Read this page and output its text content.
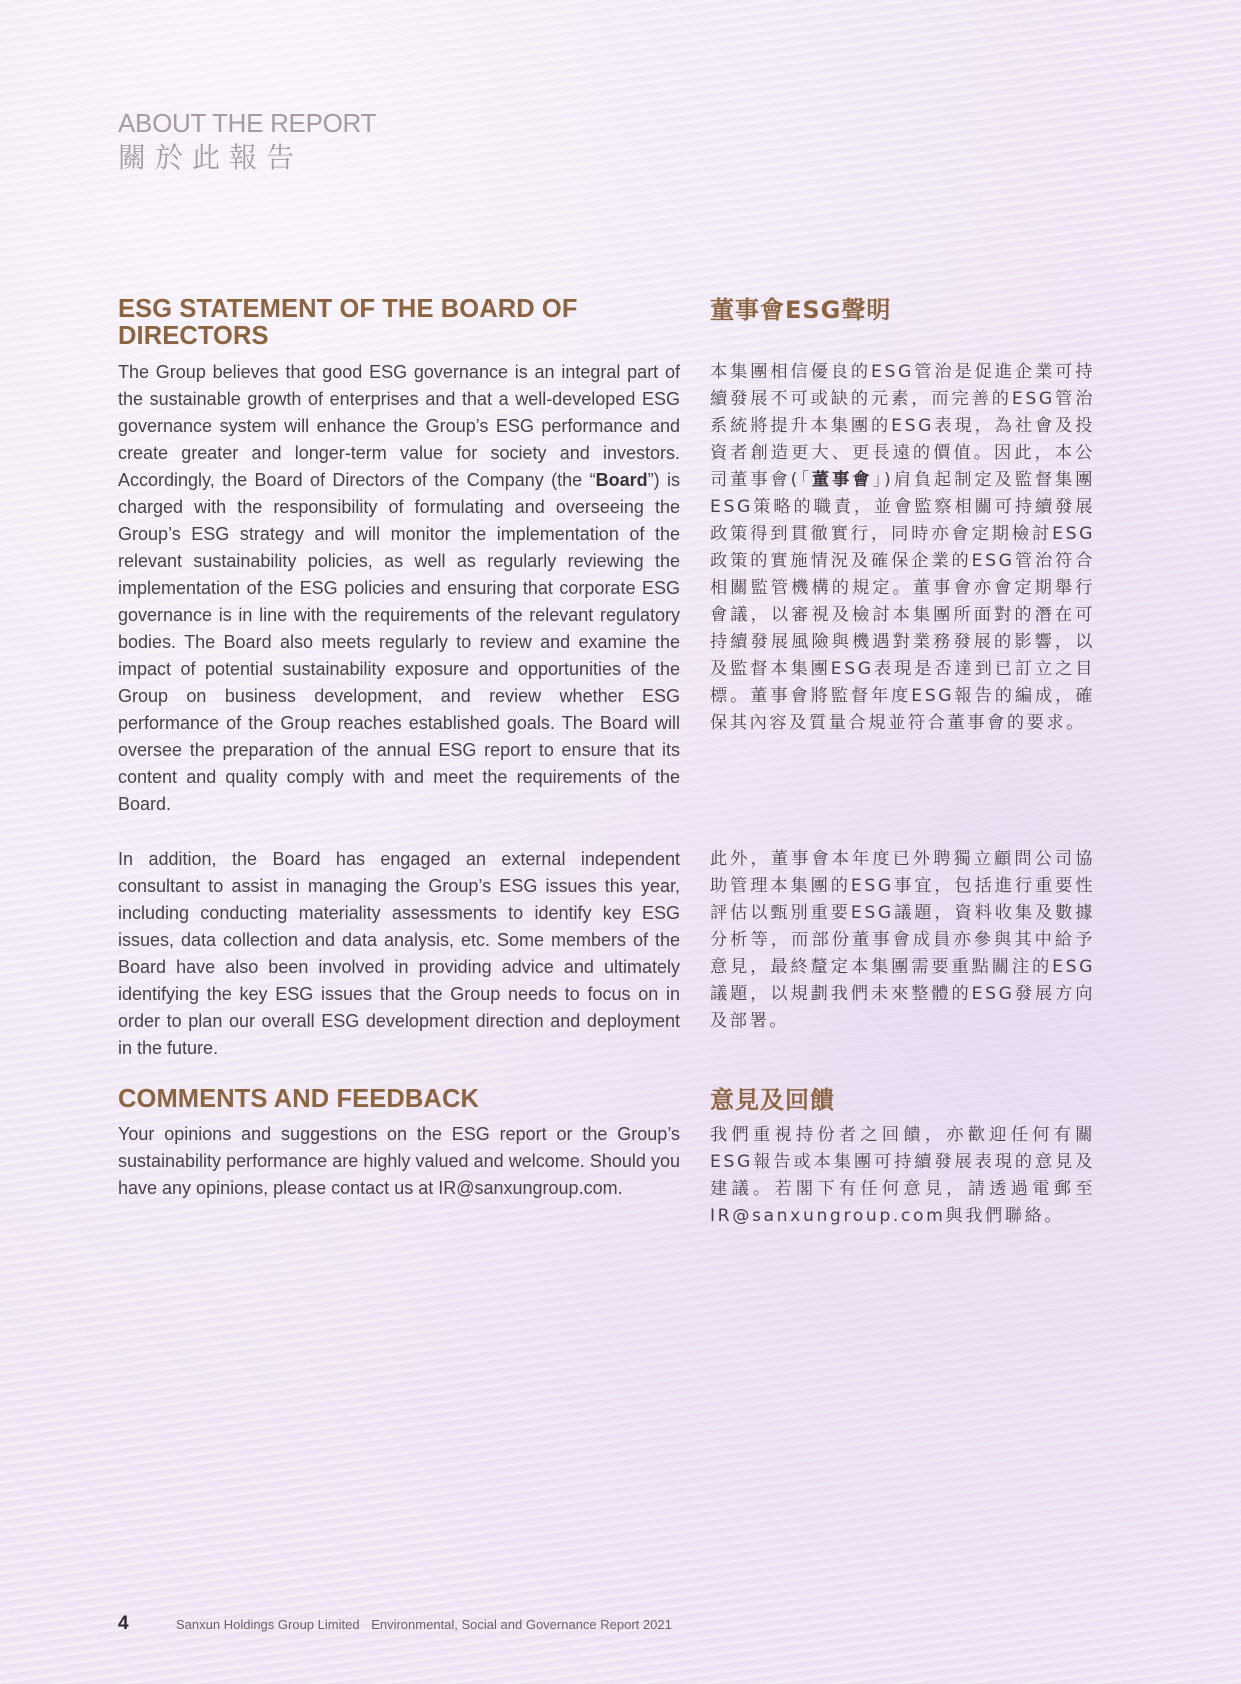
ABOUT THE REPORT
關於此報告
ESG STATEMENT OF THE BOARD OF DIRECTORS

The Group believes that good ESG governance is an integral part of the sustainable growth of enterprises and that a well-developed ESG governance system will enhance the Group’s ESG performance and create greater and longer-term value for society and investors. Accordingly, the Board of Directors of the Company (the “Board”) is charged with the responsibility of formulating and overseeing the Group’s ESG strategy and will monitor the implementation of the relevant sustainability policies, as well as regularly reviewing the implementation of the ESG policies and ensuring that corporate ESG governance is in line with the requirements of the relevant regulatory bodies. The Board also meets regularly to review and examine the impact of potential sustainability exposure and opportunities of the Group on business development, and review whether ESG performance of the Group reaches established goals. The Board will oversee the preparation of the annual ESG report to ensure that its content and quality comply with and meet the requirements of the Board.

In addition, the Board has engaged an external independent consultant to assist in managing the Group’s ESG issues this year, including conducting materiality assessments to identify key ESG issues, data collection and data analysis, etc. Some members of the Board have also been involved in providing advice and ultimately identifying the key ESG issues that the Group needs to focus on in order to plan our overall ESG development direction and deployment in the future.

COMMENTS AND FEEDBACK

Your opinions and suggestions on the ESG report or the Group’s sustainability performance are highly valued and welcome. Should you have any opinions, please contact us at IR@sanxungroup.com.

董事會ESG聲明

本集團相信優良的ESG管治是促進企業可持續發展不可或缺的元素，而完善的ESG管治系統將提升本集團的ESG表現，為社會及投資者創造更大、更長遠的價值。因此，本公司董事會(「董事會」)肩負起制定及監督集團ESG策略的職責，並會監察相關可持續發展政策得到貫徹實行，同時亦會定期檢討ESG政策的實施情況及確保企業的ESG管治符合相關監管機構的規定。董事會亦會定期舉行會議，以審視及檢討本集團所面對的潛在可持續發展風險與機遇對業務發展的影響，以及監督本集團ESG表現是否達到已訂立之目標。董事會將監督年度ESG報告的編成，確保其內容及質量合規並符合董事會的要求。

此外，董事會本年度已外聘獨立顧問公司協助管理本集團的ESG事宜，包括進行重要性評估以甄別重要ESG議題，資料收集及數據分析等，而部份董事會成員亦參與其中給予意見，最終釐定本集團需要重點關注的ESG議題，以規劃我們未來整體的ESG發展方向及部署。

意見及回饋

我們重視持份者之回饋，亦歡迎任何有關ESG報告或本集團可持續發展表現的意見及建議。若閣下有任何意見，請透過電郵至IR@sanxungroup.com與我們聯絡。

4	Sanxun Holdings Group Limited Environmental, Social and Governance Report 2021
